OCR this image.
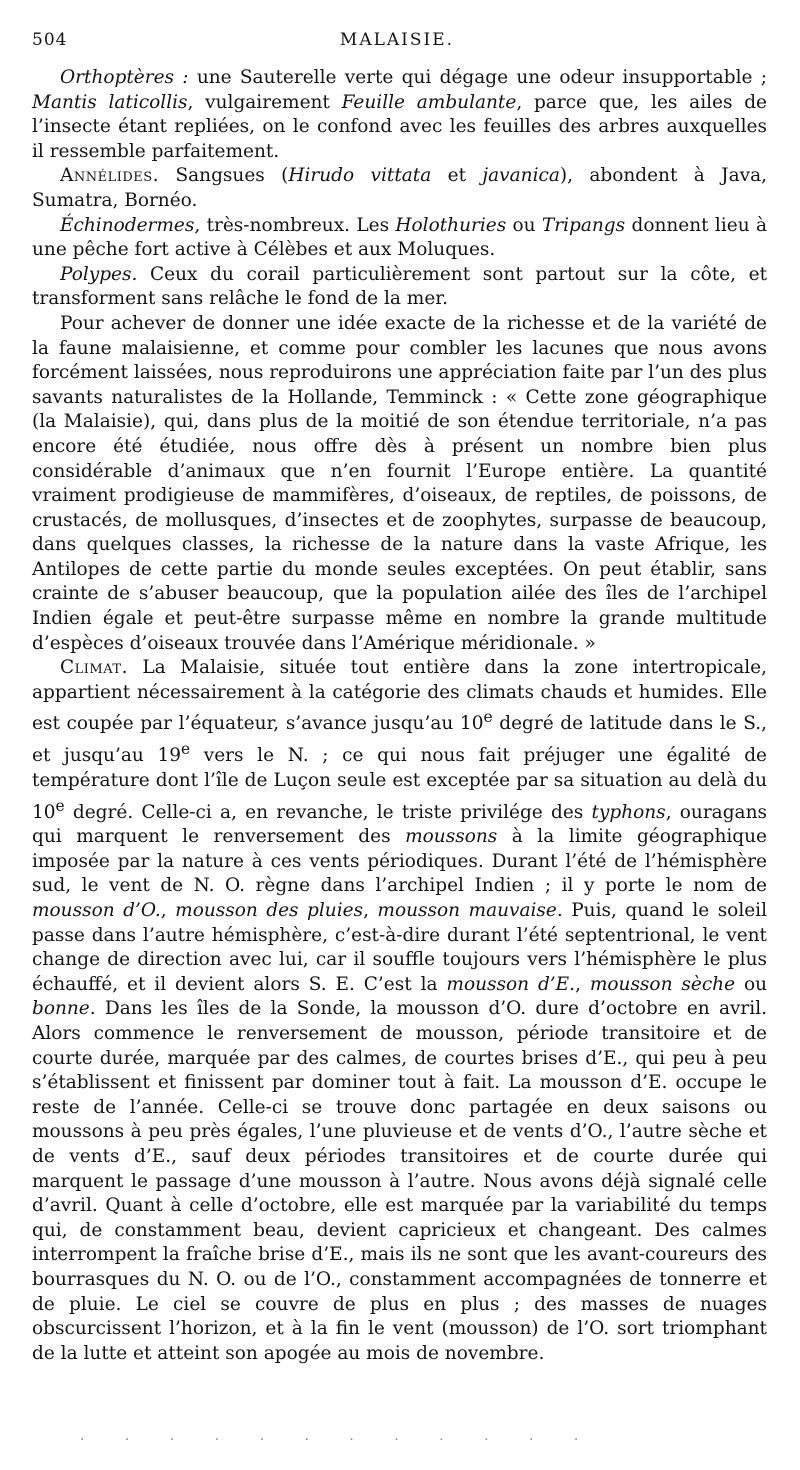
504	MALAISIE.

Orthoptères : une Sauterelle verte qui dégage une odeur insupportable ; Mantis laticollis, vulgairement Feuille ambulante, parce que, les ailes de l’insecte étant repliées, on le confond avec les feuilles des arbres auxquelles il ressemble parfaitement.

Annélides. Sangsues (Hirudo vittata et javanica), abondent à Java, Sumatra, Bornéo.

Échinodermes, très-nombreux. Les Holothuries ou Tripangs donnent lieu à une pêche fort active à Célèbes et aux Moluques.

Polypes. Ceux du corail particulièrement sont partout sur la côte, et transforment sans relâche le fond de la mer.

Pour achever de donner une idée exacte de la richesse et de la variété de la faune malaisienne, et comme pour combler les lacunes que nous avons forcément laissées, nous reproduirons une appréciation faite par l’un des plus savants naturalistes de la Hollande, Temminck : « Cette zone géographique (la Malaisie), qui, dans plus de la moitié de son étendue territoriale, n’a pas encore été étudiée, nous offre dès à présent un nombre bien plus considérable d’animaux que n’en fournit l’Europe entière. La quantité vraiment prodigieuse de mammifères, d’oiseaux, de reptiles, de poissons, de crustacés, de mollusques, d’insectes et de zoophytes, surpasse de beaucoup, dans quelques classes, la richesse de la nature dans la vaste Afrique, les Antilopes de cette partie du monde seules exceptées. On peut établir, sans crainte de s’abuser beaucoup, que la population ailée des îles de l’archipel Indien égale et peut-être surpasse même en nombre la grande multitude d’espèces d’oiseaux trouvée dans l’Amérique méridionale. »

Climat. La Malaisie, située tout entière dans la zone intertropicale, appartient nécessairement à la catégorie des climats chauds et humides. Elle est coupée par l’équateur, s’avance jusqu’au 10e degré de latitude dans le S., et jusqu’au 19e vers le N. ; ce qui nous fait préjuger une égalité de température dont l’île de Luçon seule est exceptée par sa situation au delà du 10e degré. Celle-ci a, en revanche, le triste privilége des typhons, ouragans qui marquent le renversement des moussons à la limite géographique imposée par la nature à ces vents périodiques. Durant l’été de l’hémisphère sud, le vent de N. O. règne dans l’archipel Indien ; il y porte le nom de mousson d’O., mousson des pluies, mousson mauvaise. Puis, quand le soleil passe dans l’autre hémisphère, c’est-à-dire durant l’été septentrional, le vent change de direction avec lui, car il souffle toujours vers l’hémisphère le plus échauffé, et il devient alors S. E. C’est la mousson d’E., mousson sèche ou bonne. Dans les îles de la Sonde, la mousson d’O. dure d’octobre en avril. Alors commence le renversement de mousson, période transitoire et de courte durée, marquée par des calmes, de courtes brises d’E., qui peu à peu s’établissent et finissent par dominer tout à fait. La mousson d’E. occupe le reste de l’année. Celle-ci se trouve donc partagée en deux saisons ou moussons à peu près égales, l’une pluvieuse et de vents d’O., l’autre sèche et de vents d’E., sauf deux périodes transitoires et de courte durée qui marquent le passage d’une mousson à l’autre. Nous avons déjà signalé celle d’avril. Quant à celle d’octobre, elle est marquée par la variabilité du temps qui, de constamment beau, devient capricieux et changeant. Des calmes interrompent la fraîche brise d’E., mais ils ne sont que les avant-coureurs des bourrasques du N. O. ou de l’O., constamment accompagnées de tonnerre et de pluie. Le ciel se couvre de plus en plus ; des masses de nuages obscurcissent l’horizon, et à la fin le vent (mousson) de l’O. sort triomphant de la lutte et atteint son apogée au mois de novembre.

· · · · · · · · · · · ·
